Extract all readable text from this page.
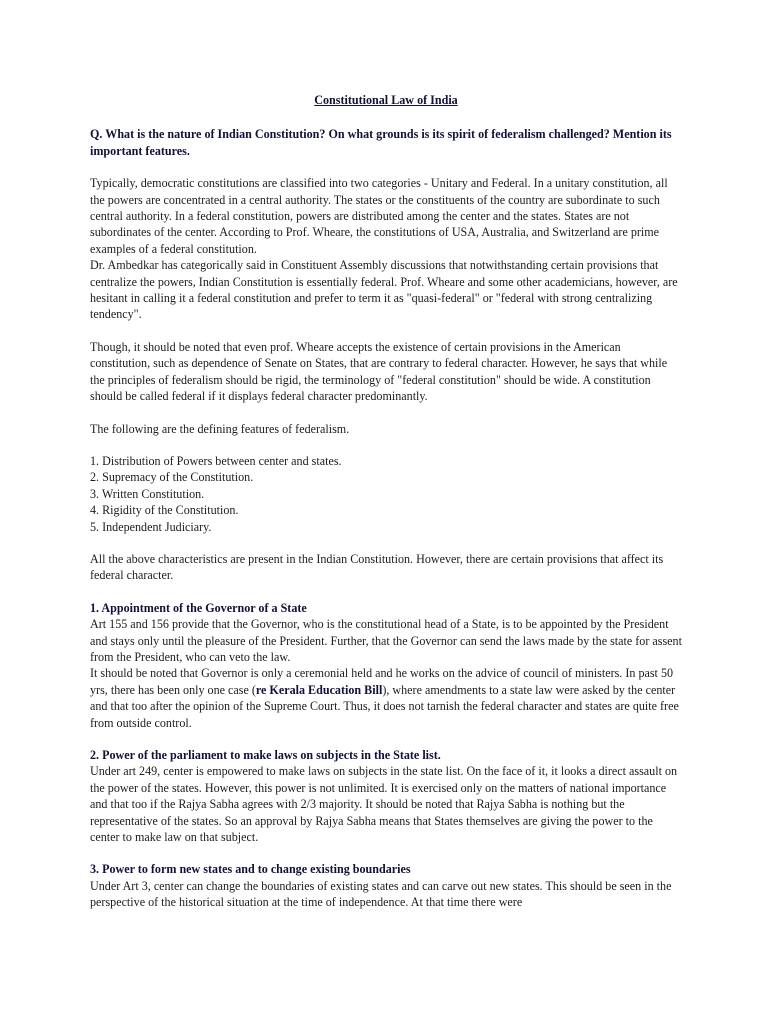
Constitutional Law of India
Q. What is the nature of Indian Constitution? On what grounds is its spirit of federalism challenged? Mention its important features.
Typically, democratic constitutions are classified into two categories - Unitary and Federal. In a unitary constitution, all the powers are concentrated in a central authority. The states or the constituents of the country are subordinate to such central authority. In a federal constitution, powers are distributed among the center and the states. States are not subordinates of the center. According to Prof. Wheare, the constitutions of USA, Australia, and Switzerland are prime examples of a federal constitution.
Dr. Ambedkar has categorically said in Constituent Assembly discussions that notwithstanding certain provisions that centralize the powers, Indian Constitution is essentially federal. Prof. Wheare and some other academicians, however, are hesitant in calling it a federal constitution and prefer to term it as "quasi-federal" or "federal with strong centralizing tendency".
Though, it should be noted that even prof. Wheare accepts the existence of certain provisions in the American constitution, such as dependence of Senate on States, that are contrary to federal character. However, he says that while the principles of federalism should be rigid, the terminology of "federal constitution" should be wide. A constitution should be called federal if it displays federal character predominantly.
The following are the defining features of federalism.
1. Distribution of Powers between center and states.
2. Supremacy of the Constitution.
3. Written Constitution.
4. Rigidity of the Constitution.
5. Independent Judiciary.
All the above characteristics are present in the Indian Constitution. However, there are certain provisions that affect its federal character.
1. Appointment of the Governor of a State
Art 155 and 156 provide that the Governor, who is the constitutional head of a State, is to be appointed by the President and stays only until the pleasure of the President. Further, that the Governor can send the laws made by the state for assent from the President, who can veto the law.
It should be noted that Governor is only a ceremonial held and he works on the advice of council of ministers. In past 50 yrs, there has been only one case (re Kerala Education Bill), where amendments to a state law were asked by the center and that too after the opinion of the Supreme Court. Thus, it does not tarnish the federal character and states are quite free from outside control.
2. Power of the parliament to make laws on subjects in the State list.
Under art 249, center is empowered to make laws on subjects in the state list. On the face of it, it looks a direct assault on the power of the states. However, this power is not unlimited. It is exercised only on the matters of national importance and that too if the Rajya Sabha agrees with 2/3 majority. It should be noted that Rajya Sabha is nothing but the representative of the states. So an approval by Rajya Sabha means that States themselves are giving the power to the center to make law on that subject.
3. Power to form new states and to change existing boundaries
Under Art 3, center can change the boundaries of existing states and can carve out new states. This should be seen in the perspective of the historical situation at the time of independence. At that time there were
